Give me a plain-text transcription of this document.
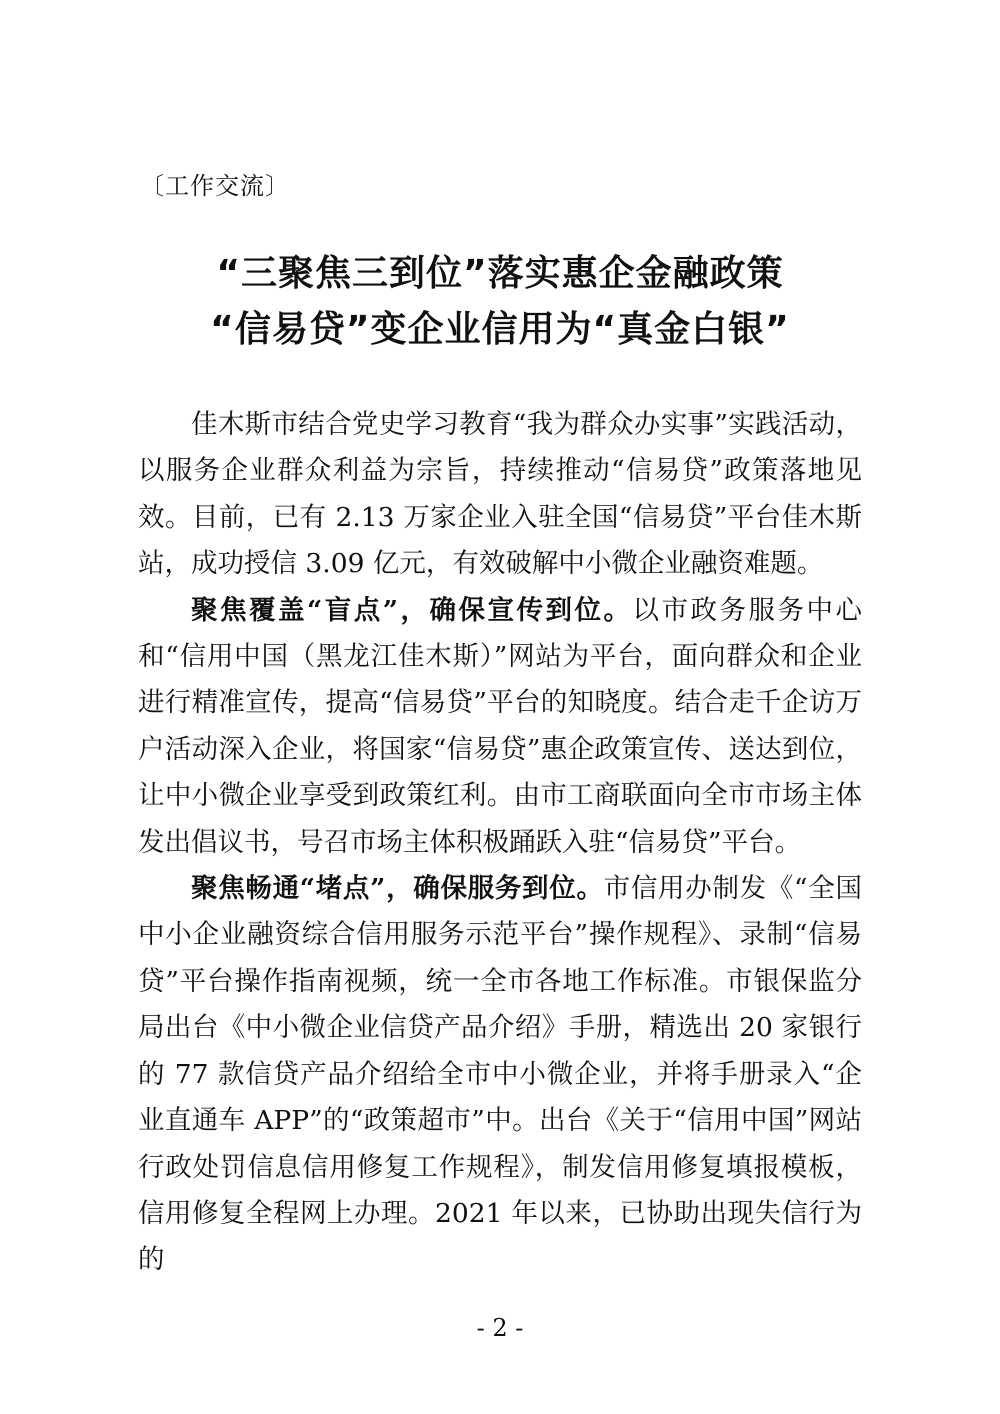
〔工作交流〕
“三聚焦三到位”落实惠企金融政策
“信易贷”变企业信用为“真金白银”

佳木斯市结合党史学习教育“我为群众办实事”实践活动，以服务企业群众利益为宗旨，持续推动“信易贷”政策落地见效。目前，已有 2.13 万家企业入驻全国“信易贷”平台佳木斯站，成功授信 3.09 亿元，有效破解中小微企业融资难题。

聚焦覆盖“盲点”，确保宣传到位。以市政务服务中心和“信用中国（黑龙江佳木斯）”网站为平台，面向群众和企业进行精准宣传，提高“信易贷”平台的知晓度。结合走千企访万户活动深入企业，将国家“信易贷”惠企政策宣传、送达到位，让中小微企业享受到政策红利。由市工商联面向全市市场主体发出倡议书，号召市场主体积极踊跃入驻“信易贷”平台。

聚焦畅通“堵点”，确保服务到位。市信用办制发《“全国中小企业融资综合信用服务示范平台”操作规程》、录制“信易贷”平台操作指南视频，统一全市各地工作标准。市银保监分局出台《中小微企业信贷产品介绍》手册，精选出 20 家银行的 77 款信贷产品介绍给全市中小微企业，并将手册录入“企业直通车 APP”的“政策超市”中。出台《关于“信用中国”网站行政处罚信息信用修复工作规程》，制发信用修复填报模板，信用修复全程网上办理。2021 年以来，已协助出现失信行为的

- 2 -
